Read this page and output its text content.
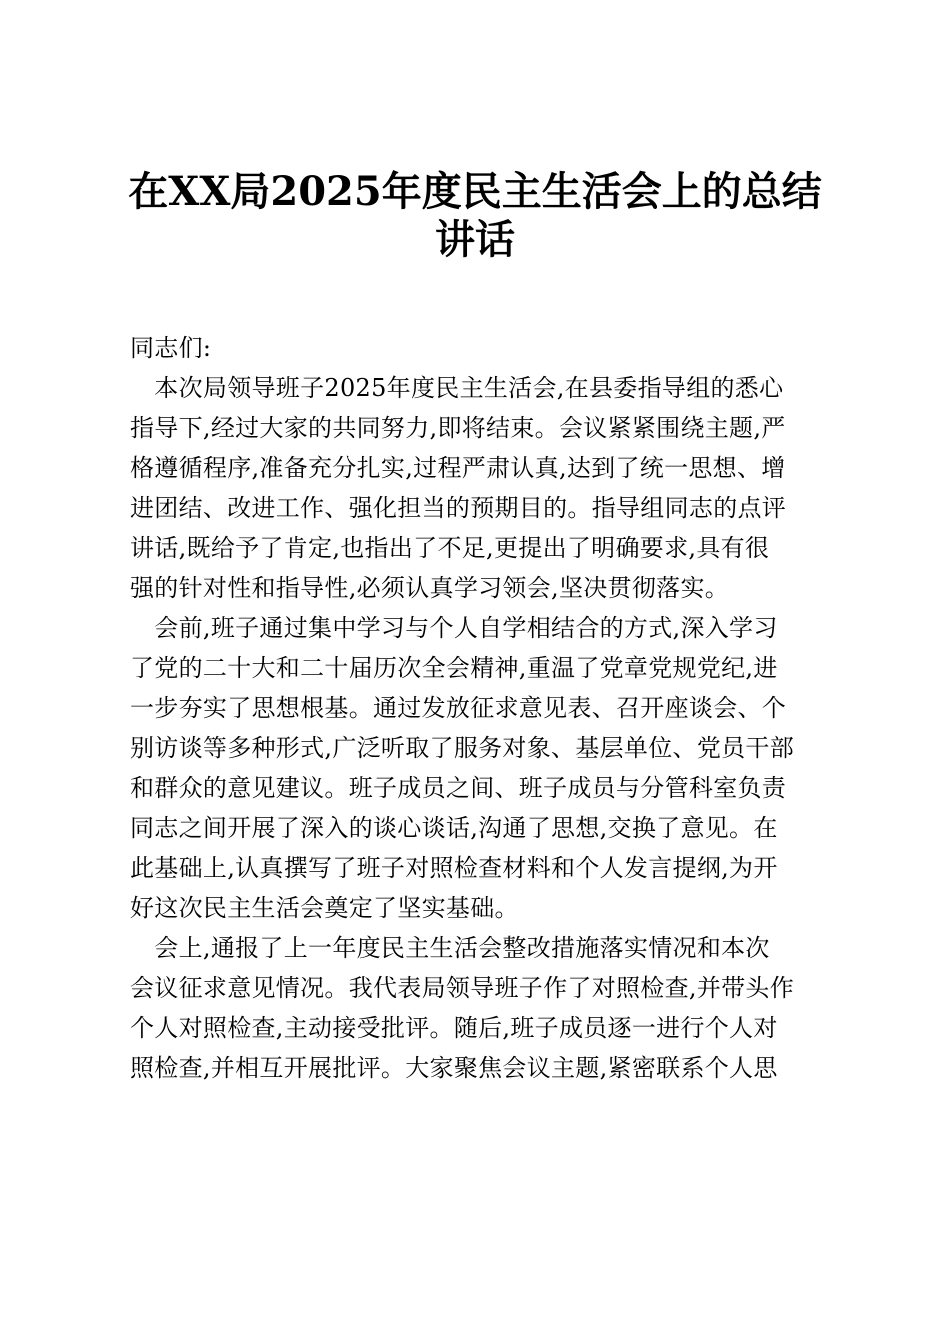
在XX局2025年度民主生活会上的总结
讲话
同志们:
　本次局领导班子2025年度民主生活会,在县委指导组的悉心
指导下,经过大家的共同努力,即将结束。会议紧紧围绕主题,严
格遵循程序,准备充分扎实,过程严肃认真,达到了统一思想、增
进团结、改进工作、强化担当的预期目的。指导组同志的点评
讲话,既给予了肯定,也指出了不足,更提出了明确要求,具有很
强的针对性和指导性,必须认真学习领会,坚决贯彻落实。
　会前,班子通过集中学习与个人自学相结合的方式,深入学习
了党的二十大和二十届历次全会精神,重温了党章党规党纪,进
一步夯实了思想根基。通过发放征求意见表、召开座谈会、个
别访谈等多种形式,广泛听取了服务对象、基层单位、党员干部
和群众的意见建议。班子成员之间、班子成员与分管科室负责
同志之间开展了深入的谈心谈话,沟通了思想,交换了意见。在
此基础上,认真撰写了班子对照检查材料和个人发言提纲,为开
好这次民主生活会奠定了坚实基础。
　会上,通报了上一年度民主生活会整改措施落实情况和本次
会议征求意见情况。我代表局领导班子作了对照检查,并带头作
个人对照检查,主动接受批评。随后,班子成员逐一进行个人对
照检查,并相互开展批评。大家聚焦会议主题,紧密联系个人思
